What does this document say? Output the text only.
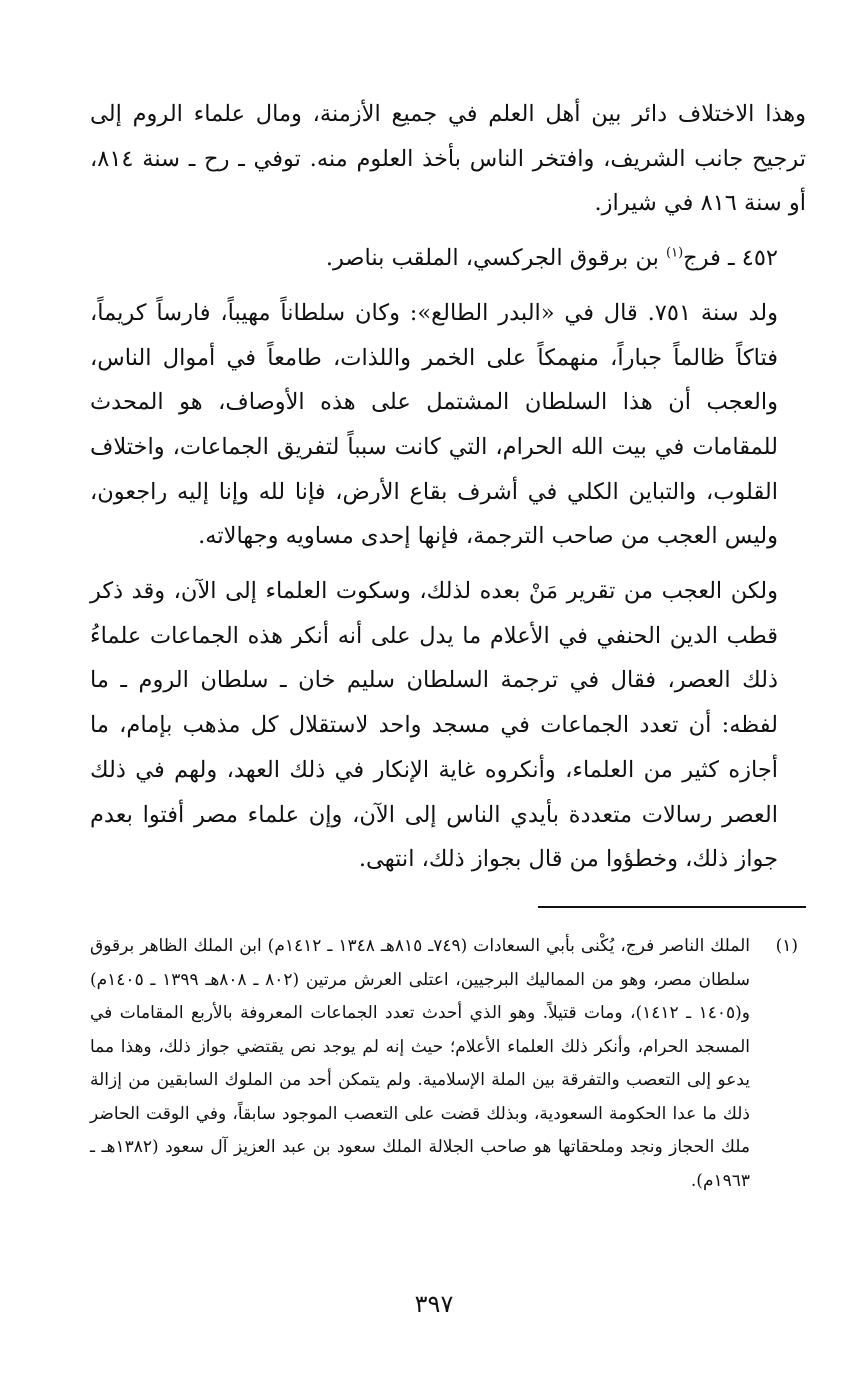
وهذا الاختلاف دائر بين أهل العلم في جميع الأزمنة، ومال علماء الروم إلى ترجيح جانب الشريف، وافتخر الناس بأخذ العلوم منه. توفي ـ رح ـ سنة ٨١٤، أو سنة ٨١٦ في شيراز.

٤٥٢ ـ فرج$^{(١)}$ بن برقوق الجركسي، الملقب بناصر.

ولد سنة ٧٥١. قال في «البدر الطالع»: وكان سلطاناً مهيباً، فارساً كريماً، فتاكاً ظالماً جباراً، منهمكاً على الخمر واللذات، طامعاً في أموال الناس، والعجب أن هذا السلطان المشتمل على هذه الأوصاف، هو المحدث للمقامات في بيت الله الحرام، التي كانت سبباً لتفريق الجماعات، واختلاف القلوب، والتباين الكلي في أشرف بقاع الأرض، فإنا لله وإنا إليه راجعون، وليس العجب من صاحب الترجمة، فإنها إحدى مساويه وجهالاته.

ولكن العجب من تقرير مَنْ بعده لذلك، وسكوت العلماء إلى الآن، وقد ذكر قطب الدين الحنفي في الأعلام ما يدل على أنه أنكر هذه الجماعات علماءُ ذلك العصر، فقال في ترجمة السلطان سليم خان ـ سلطان الروم ـ ما لفظه: أن تعدد الجماعات في مسجد واحد لاستقلال كل مذهب بإمام، ما أجازه كثير من العلماء، وأنكروه غاية الإنكار في ذلك العهد، ولهم في ذلك العصر رسالات متعددة بأيدي الناس إلى الآن، وإن علماء مصر أفتوا بعدم جواز ذلك، وخطؤوا من قال بجواز ذلك، انتهى.

(١)
الملك الناصر فرج، يُكْنى بأبي السعادات (٧٤٩ـ ٨١٥هـ ١٣٤٨ ـ ١٤١٢م) ابن الملك الظاهر برقوق سلطان مصر، وهو من المماليك البرجيين، اعتلى العرش مرتين (٨٠٢ ـ ٨٠٨هـ ١٣٩٩ ـ ١٤٠٥م) و(١٤٠٥ ـ ١٤١٢)، ومات قتيلاً. وهو الذي أحدث تعدد الجماعات المعروفة بالأربع المقامات في المسجد الحرام، وأنكر ذلك العلماء الأعلام؛ حيث إنه لم يوجد نص يقتضي جواز ذلك، وهذا مما يدعو إلى التعصب والتفرقة بين الملة الإسلامية. ولم يتمكن أحد من الملوك السابقين من إزالة ذلك ما عدا الحكومة السعودية، وبذلك قضت على التعصب الموجود سابقاً، وفي الوقت الحاضر ملك الحجاز ونجد وملحقاتها هو صاحب الجلالة الملك سعود بن عبد العزيز آل سعود (١٣٨٢هـ ـ ١٩٦٣م).
٣٩٧
